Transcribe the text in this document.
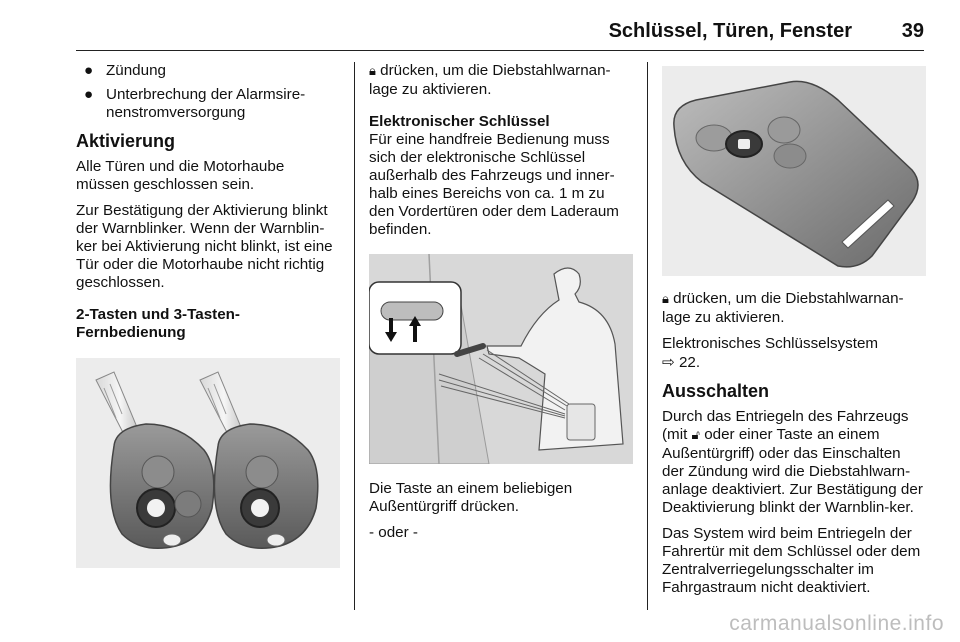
Schlüssel, Türen, Fenster 39
● Zündung
● Unterbrechung der Alarmsire-nenstromversorgung
Aktivierung

Alle Türen und die Motorhaube müssen geschlossen sein.

Zur Bestätigung der Aktivierung blinkt der Warnblinker. Wenn der Warnblin-ker bei Aktivierung nicht blinkt, ist eine Tür oder die Motorhaube nicht richtig geschlossen.

2-Tasten und 3-Tasten-Fernbedienung

🔒︎ drücken, um die Diebstahlwarnan-lage zu aktivieren.

Elektronischer Schlüssel

Für eine handfreie Bedienung muss sich der elektronische Schlüssel außerhalb des Fahrzeugs und inner-halb eines Bereichs von ca. 1 m zu den Vordertüren oder dem Laderaum befinden.

Die Taste an einem beliebigen Außentürgriff drücken.

- oder -

🔒︎ drücken, um die Diebstahlwarnan-lage zu aktivieren.

Elektronisches Schlüsselsystem
⇨ 22.

Ausschalten

Durch das Entriegeln des Fahrzeugs (mit 🔓︎ oder einer Taste an einem Außentürgriff) oder das Einschalten der Zündung wird die Diebstahlwarn-anlage deaktiviert. Zur Bestätigung der Deaktivierung blinkt der Warnblin-ker.

Das System wird beim Entriegeln der Fahrertür mit dem Schlüssel oder dem Zentralverriegelungsschalter im Fahrgastraum nicht deaktiviert.

carmanualsonline.info
